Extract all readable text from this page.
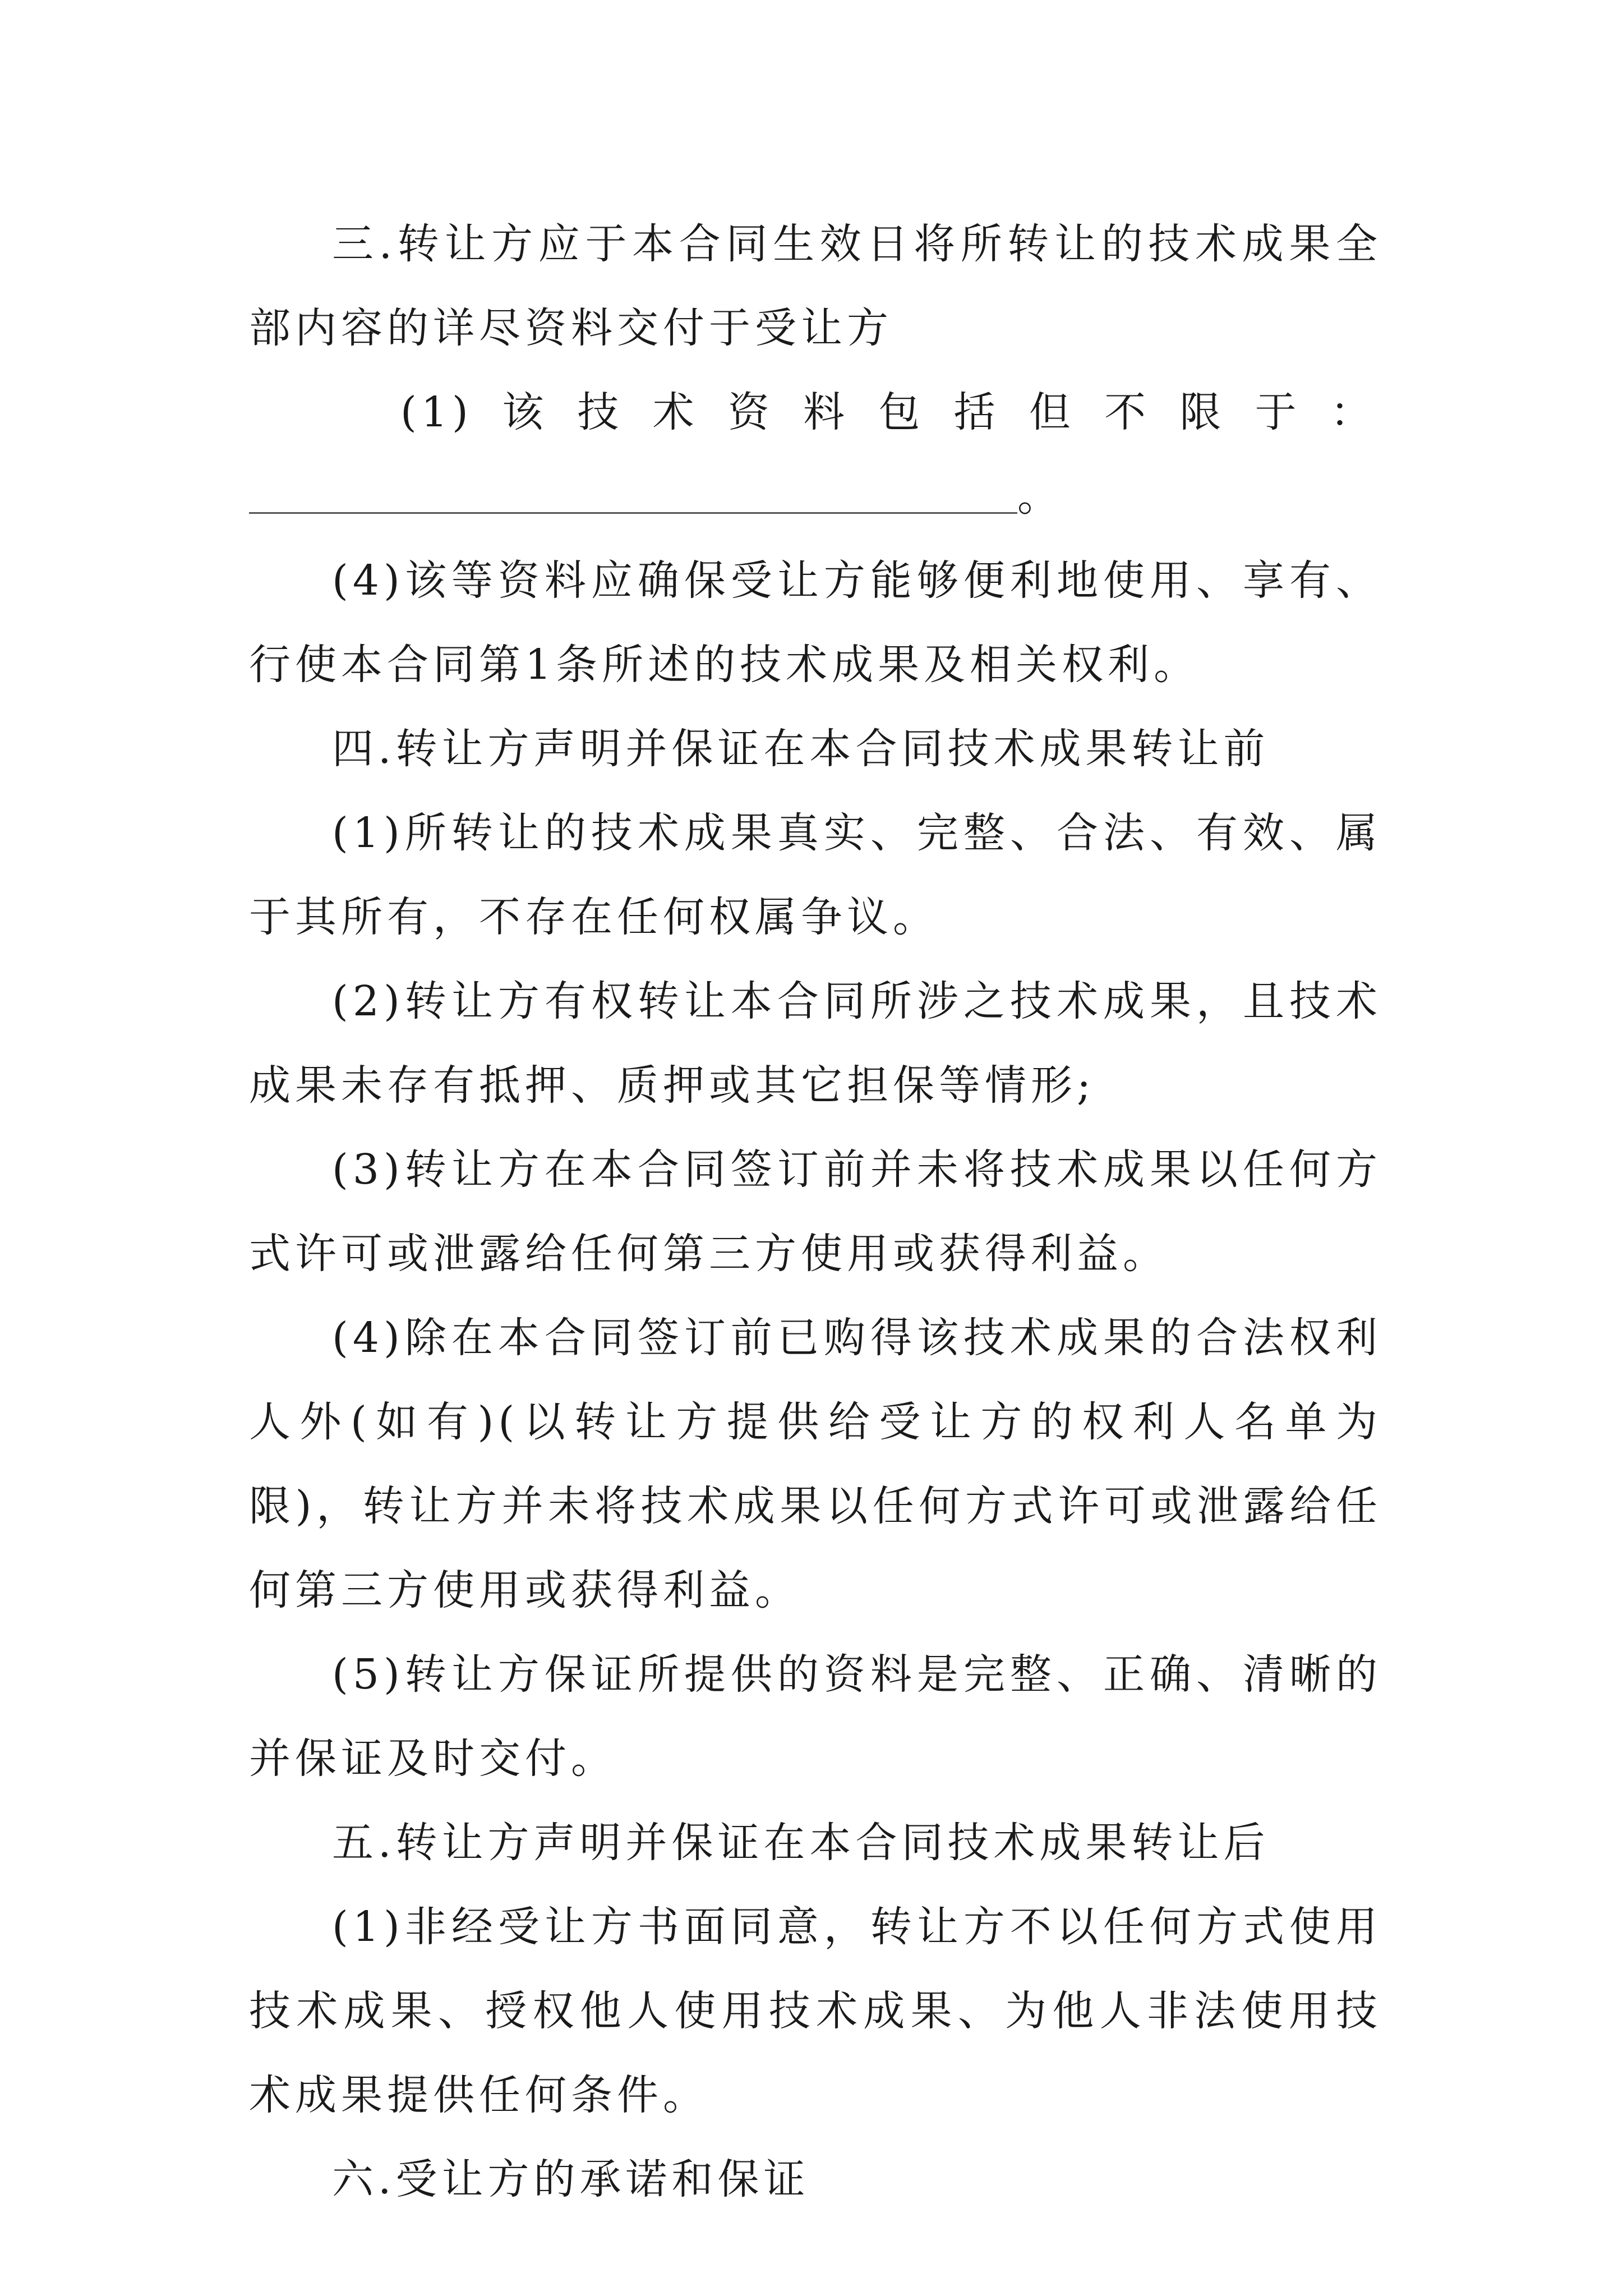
三.转让方应于本合同生效日将所转让的技术成果全部内容的详尽资料交付于受让方

(1) 该 技 术 资 料 包 括 但 不 限 于 ：
。

(4)该等资料应确保受让方能够便利地使用、享有、行使本合同第1条所述的技术成果及相关权利。

四.转让方声明并保证在本合同技术成果转让前

(1)所转让的技术成果真实、完整、合法、有效、属于其所有，不存在任何权属争议。

(2)转让方有权转让本合同所涉之技术成果，且技术成果未存有抵押、质押或其它担保等情形;

(3)转让方在本合同签订前并未将技术成果以任何方式许可或泄露给任何第三方使用或获得利益。

(4)除在本合同签订前已购得该技术成果的合法权利人外(如有)(以转让方提供给受让方的权利人名单为限)，转让方并未将技术成果以任何方式许可或泄露给任何第三方使用或获得利益。

(5)转让方保证所提供的资料是完整、正确、清晰的并保证及时交付。

五.转让方声明并保证在本合同技术成果转让后

(1)非经受让方书面同意，转让方不以任何方式使用技术成果、授权他人使用技术成果、为他人非法使用技术成果提供任何条件。

六.受让方的承诺和保证
